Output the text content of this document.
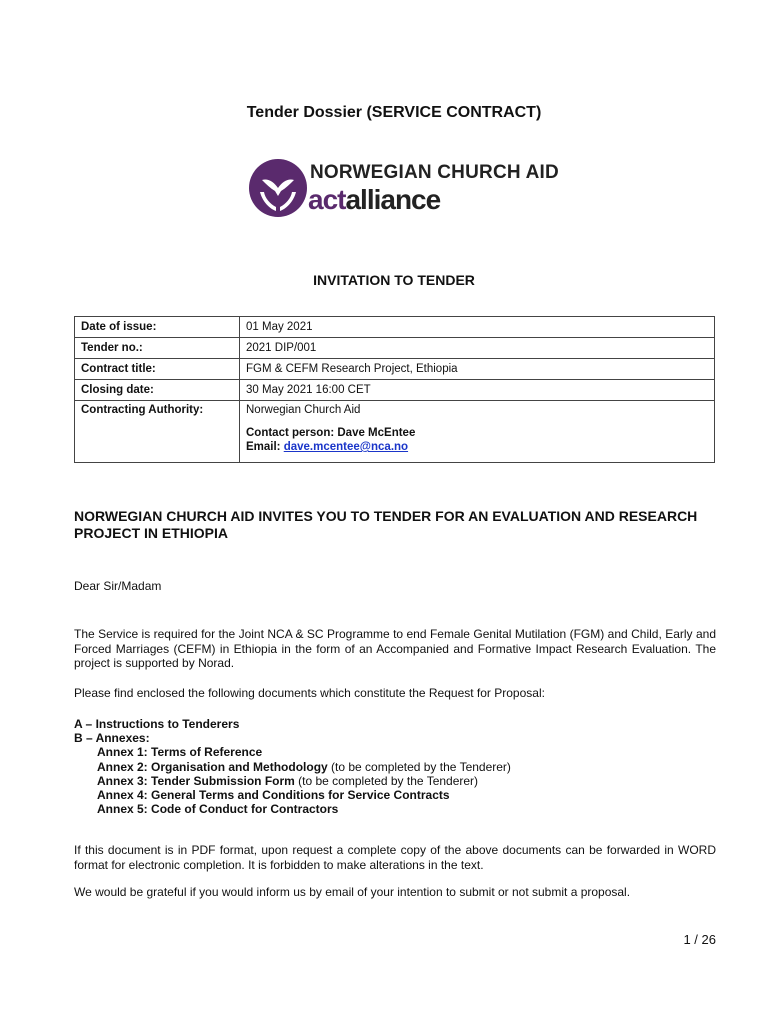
Tender Dossier (SERVICE CONTRACT)
NORWEGIAN CHURCH AID
actalliance
INVITATION TO TENDER
Date of issue:	01 May 2021
Tender no.:	2021 DIP/001
Contract title:	FGM & CEFM Research Project, Ethiopia
Closing date:	30 May 2021 16:00 CET
Contracting Authority:	Norwegian Church Aid
Contact person: Dave McEntee
Email: dave.mcentee@nca.no
NORWEGIAN CHURCH AID INVITES YOU TO TENDER FOR AN EVALUATION AND RESEARCH PROJECT IN ETHIOPIA
Dear Sir/Madam
The Service is required for the Joint NCA & SC Programme to end Female Genital Mutilation (FGM) and Child, Early and Forced Marriages (CEFM) in Ethiopia in the form of an Accompanied and Formative Impact Research Evaluation. The project is supported by Norad.
Please find enclosed the following documents which constitute the Request for Proposal:
A – Instructions to Tenderers
B – Annexes:
Annex 1: Terms of Reference
Annex 2: Organisation and Methodology (to be completed by the Tenderer)
Annex 3: Tender Submission Form (to be completed by the Tenderer)
Annex 4: General Terms and Conditions for Service Contracts
Annex 5: Code of Conduct for Contractors
If this document is in PDF format, upon request a complete copy of the above documents can be forwarded in WORD format for electronic completion. It is forbidden to make alterations in the text.
We would be grateful if you would inform us by email of your intention to submit or not submit a proposal.
1 / 26
